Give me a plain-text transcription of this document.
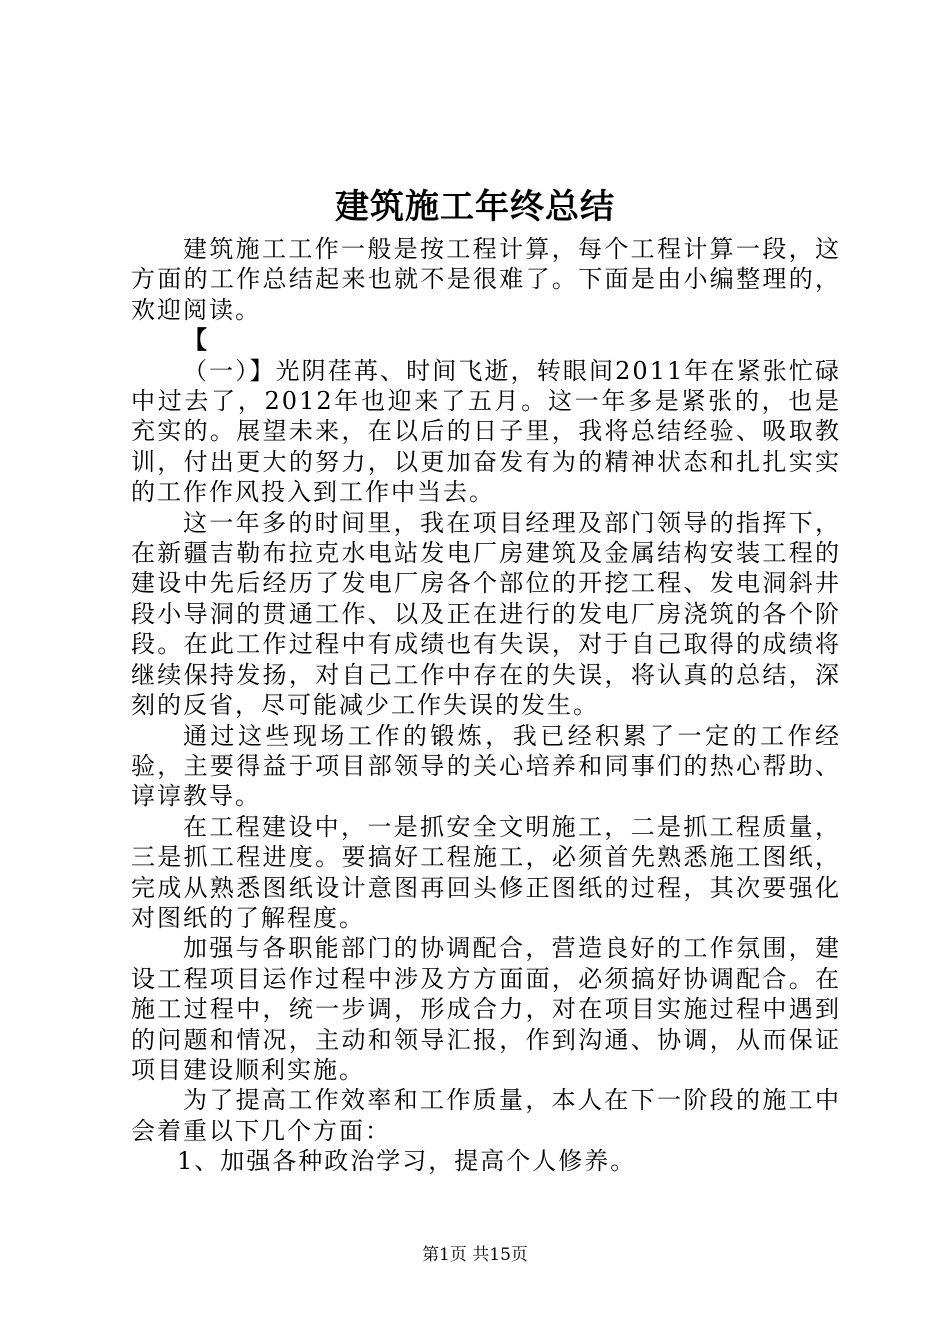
建筑施工年终总结

建筑施工工作一般是按工程计算，每个工程计算一段，这方面的工作总结起来也就不是很难了。下面是由小编整理的，欢迎阅读。

【

（一）】光阴荏苒、时间飞逝，转眼间2011年在紧张忙碌中过去了，2012年也迎来了五月。这一年多是紧张的，也是充实的。展望未来，在以后的日子里，我将总结经验、吸取教训，付出更大的努力，以更加奋发有为的精神状态和扎扎实实的工作作风投入到工作中当去。

这一年多的时间里，我在项目经理及部门领导的指挥下，在新疆吉勒布拉克水电站发电厂房建筑及金属结构安装工程的建设中先后经历了发电厂房各个部位的开挖工程、发电洞斜井段小导洞的贯通工作、以及正在进行的发电厂房浇筑的各个阶段。在此工作过程中有成绩也有失误，对于自己取得的成绩将继续保持发扬，对自己工作中存在的失误，将认真的总结，深刻的反省，尽可能减少工作失误的发生。

通过这些现场工作的锻炼，我已经积累了一定的工作经验，主要得益于项目部领导的关心培养和同事们的热心帮助、谆谆教导。

在工程建设中，一是抓安全文明施工，二是抓工程质量，三是抓工程进度。要搞好工程施工，必须首先熟悉施工图纸，完成从熟悉图纸设计意图再回头修正图纸的过程，其次要强化对图纸的了解程度。

加强与各职能部门的协调配合，营造良好的工作氛围，建设工程项目运作过程中涉及方方面面，必须搞好协调配合。在施工过程中，统一步调，形成合力，对在项目实施过程中遇到的问题和情况，主动和领导汇报，作到沟通、协调，从而保证项目建设顺利实施。

为了提高工作效率和工作质量，本人在下一阶段的施工中会着重以下几个方面：

1、加强各种政治学习，提高个人修养。

第1页 共15页
